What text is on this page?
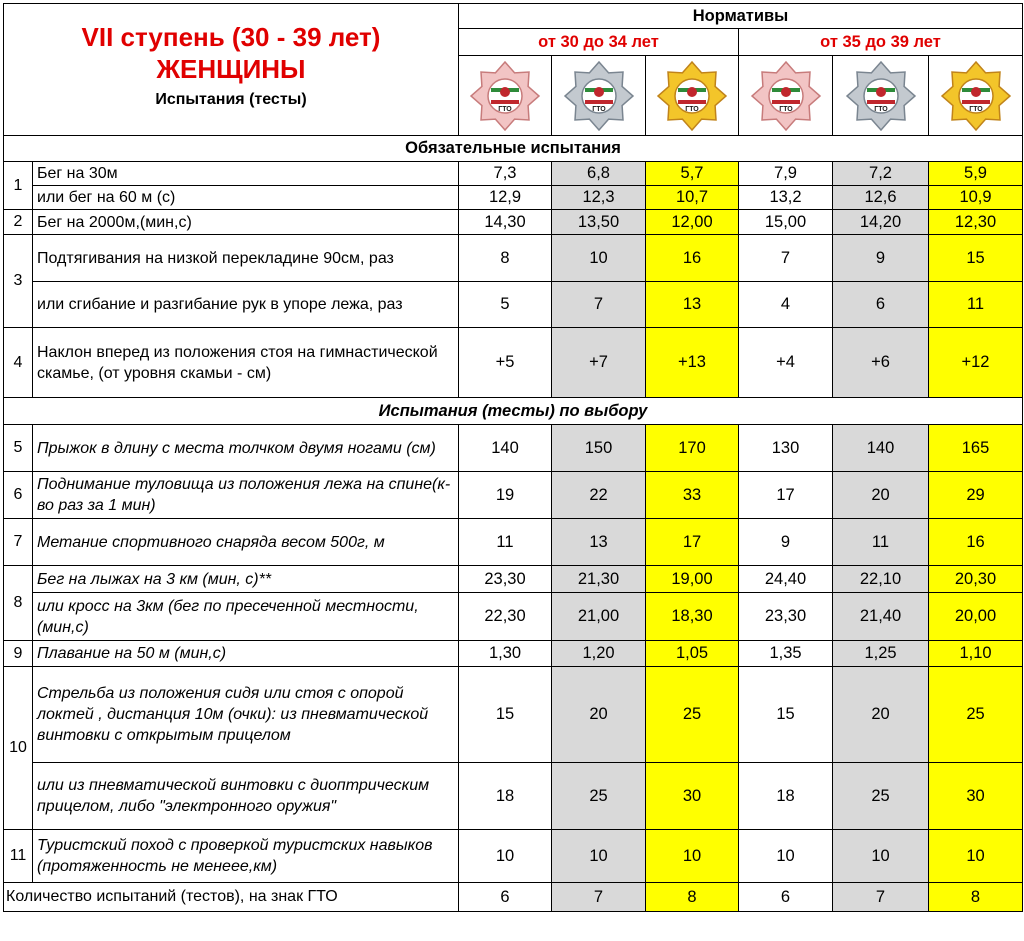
VII ступень (30 - 39 лет)
ЖЕНЩИНЫ
Испытания (тесты)		Нормативы					
		от 30 до 34 лет			от 35 до 39 лет		

ГТО	ГТО	ГТО	ГТО	ГТО	ГТО

Обязательные испытания							
1	Бег на 30м	7,3	6,8	5,7	7,9	7,2	5,9
	или бег на 60 м (с)	12,9	12,3	10,7	13,2	12,6	10,9
2	Бег на 2000м,(мин,с)	14,30	13,50	12,00	15,00	14,20	12,30
3	Подтягивания на низкой перекладине 90см, раз	8	10	16	7	9	15
	или сгибание и разгибание рук в упоре лежа, раз	5	7	13	4	6	11
4	Наклон вперед из положения стоя на гимнастической скамье, (от уровня скамьи - см)	+5	+7	+13	+4	+6	+12
Испытания (тесты) по выбору							
5	Прыжок в длину с места толчком двумя ногами (см)	140	150	170	130	140	165
6	Поднимание туловища из положения лежа на спине(к-во раз за 1 мин)	19	22	33	17	20	29
7	Метание спортивного снаряда весом 500г, м	11	13	17	9	11	16
8	Бег на лыжах на 3 км (мин, с)**	23,30	21,30	19,00	24,40	22,10	20,30
	или кросс на 3км (бег по пресеченной местности, (мин,с)	22,30	21,00	18,30	23,30	21,40	20,00
9	Плавание на 50 м (мин,с)	1,30	1,20	1,05	1,35	1,25	1,10
10	Стрельба из положения сидя или стоя с опорой локтей , дистанция 10м (очки): из пневматической винтовки с открытым прицелом	15	20	25	15	20	25
	или из пневматической винтовки с диоптрическим прицелом, либо "электронного оружия"	18	25	30	18	25	30
11	Туристский поход с проверкой туристских навыков (протяженность не менеее,км)	10	10	10	10	10	10
Количество испытаний (тестов), на знак ГТО		6	7	8	6	7	8
